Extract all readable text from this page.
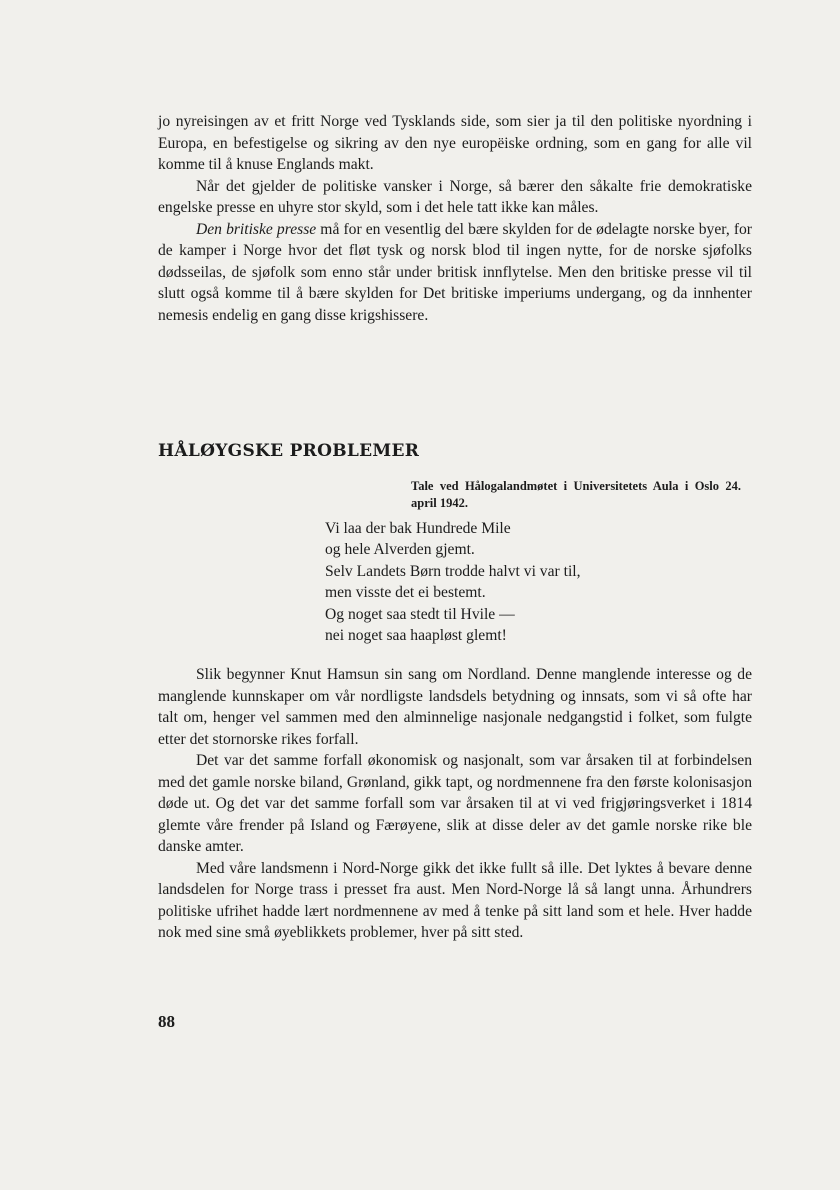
jo nyreisingen av et fritt Norge ved Tysklands side, som sier ja til den politiske nyordning i Europa, en befestigelse og sikring av den nye europëiske ordning, som en gang for alle vil komme til å knuse Englands makt.

Når det gjelder de politiske vansker i Norge, så bærer den såkalte frie demokratiske engelske presse en uhyre stor skyld, som i det hele tatt ikke kan måles.

Den britiske presse må for en vesentlig del bære skylden for de ødelagte norske byer, for de kamper i Norge hvor det fløt tysk og norsk blod til ingen nytte, for de norske sjøfolks dødsseilas, de sjøfolk som enno står under britisk innflytelse. Men den britiske presse vil til slutt også komme til å bære skylden for Det britiske imperiums undergang, og da innhenter nemesis endelig en gang disse krigshissere.

HÅLØYGSKE PROBLEMER
Tale ved Hålogalandmøtet i Universitetets Aula i Oslo 24. april 1942.
Vi laa der bak Hundrede Mile
og hele Alverden gjemt.
Selv Landets Børn trodde halvt vi var til,
men visste det ei bestemt.
Og noget saa stedt til Hvile —
nei noget saa haapløst glemt!

Slik begynner Knut Hamsun sin sang om Nordland. Denne manglende interesse og de manglende kunnskaper om vår nordligste landsdels betydning og innsats, som vi så ofte har talt om, henger vel sammen med den alminnelige nasjonale nedgangstid i folket, som fulgte etter det stornorske rikes forfall.

Det var det samme forfall økonomisk og nasjonalt, som var årsaken til at forbindelsen med det gamle norske biland, Grønland, gikk tapt, og nordmennene fra den første kolonisasjon døde ut. Og det var det samme forfall som var årsaken til at vi ved frigjøringsverket i 1814 glemte våre frender på Island og Færøyene, slik at disse deler av det gamle norske rike ble danske amter.

Med våre landsmenn i Nord-Norge gikk det ikke fullt så ille. Det lyktes å bevare denne landsdelen for Norge trass i presset fra aust. Men Nord-Norge lå så langt unna. Århundrers politiske ufrihet hadde lært nordmennene av med å tenke på sitt land som et hele. Hver hadde nok med sine små øyeblikkets problemer, hver på sitt sted.

88
